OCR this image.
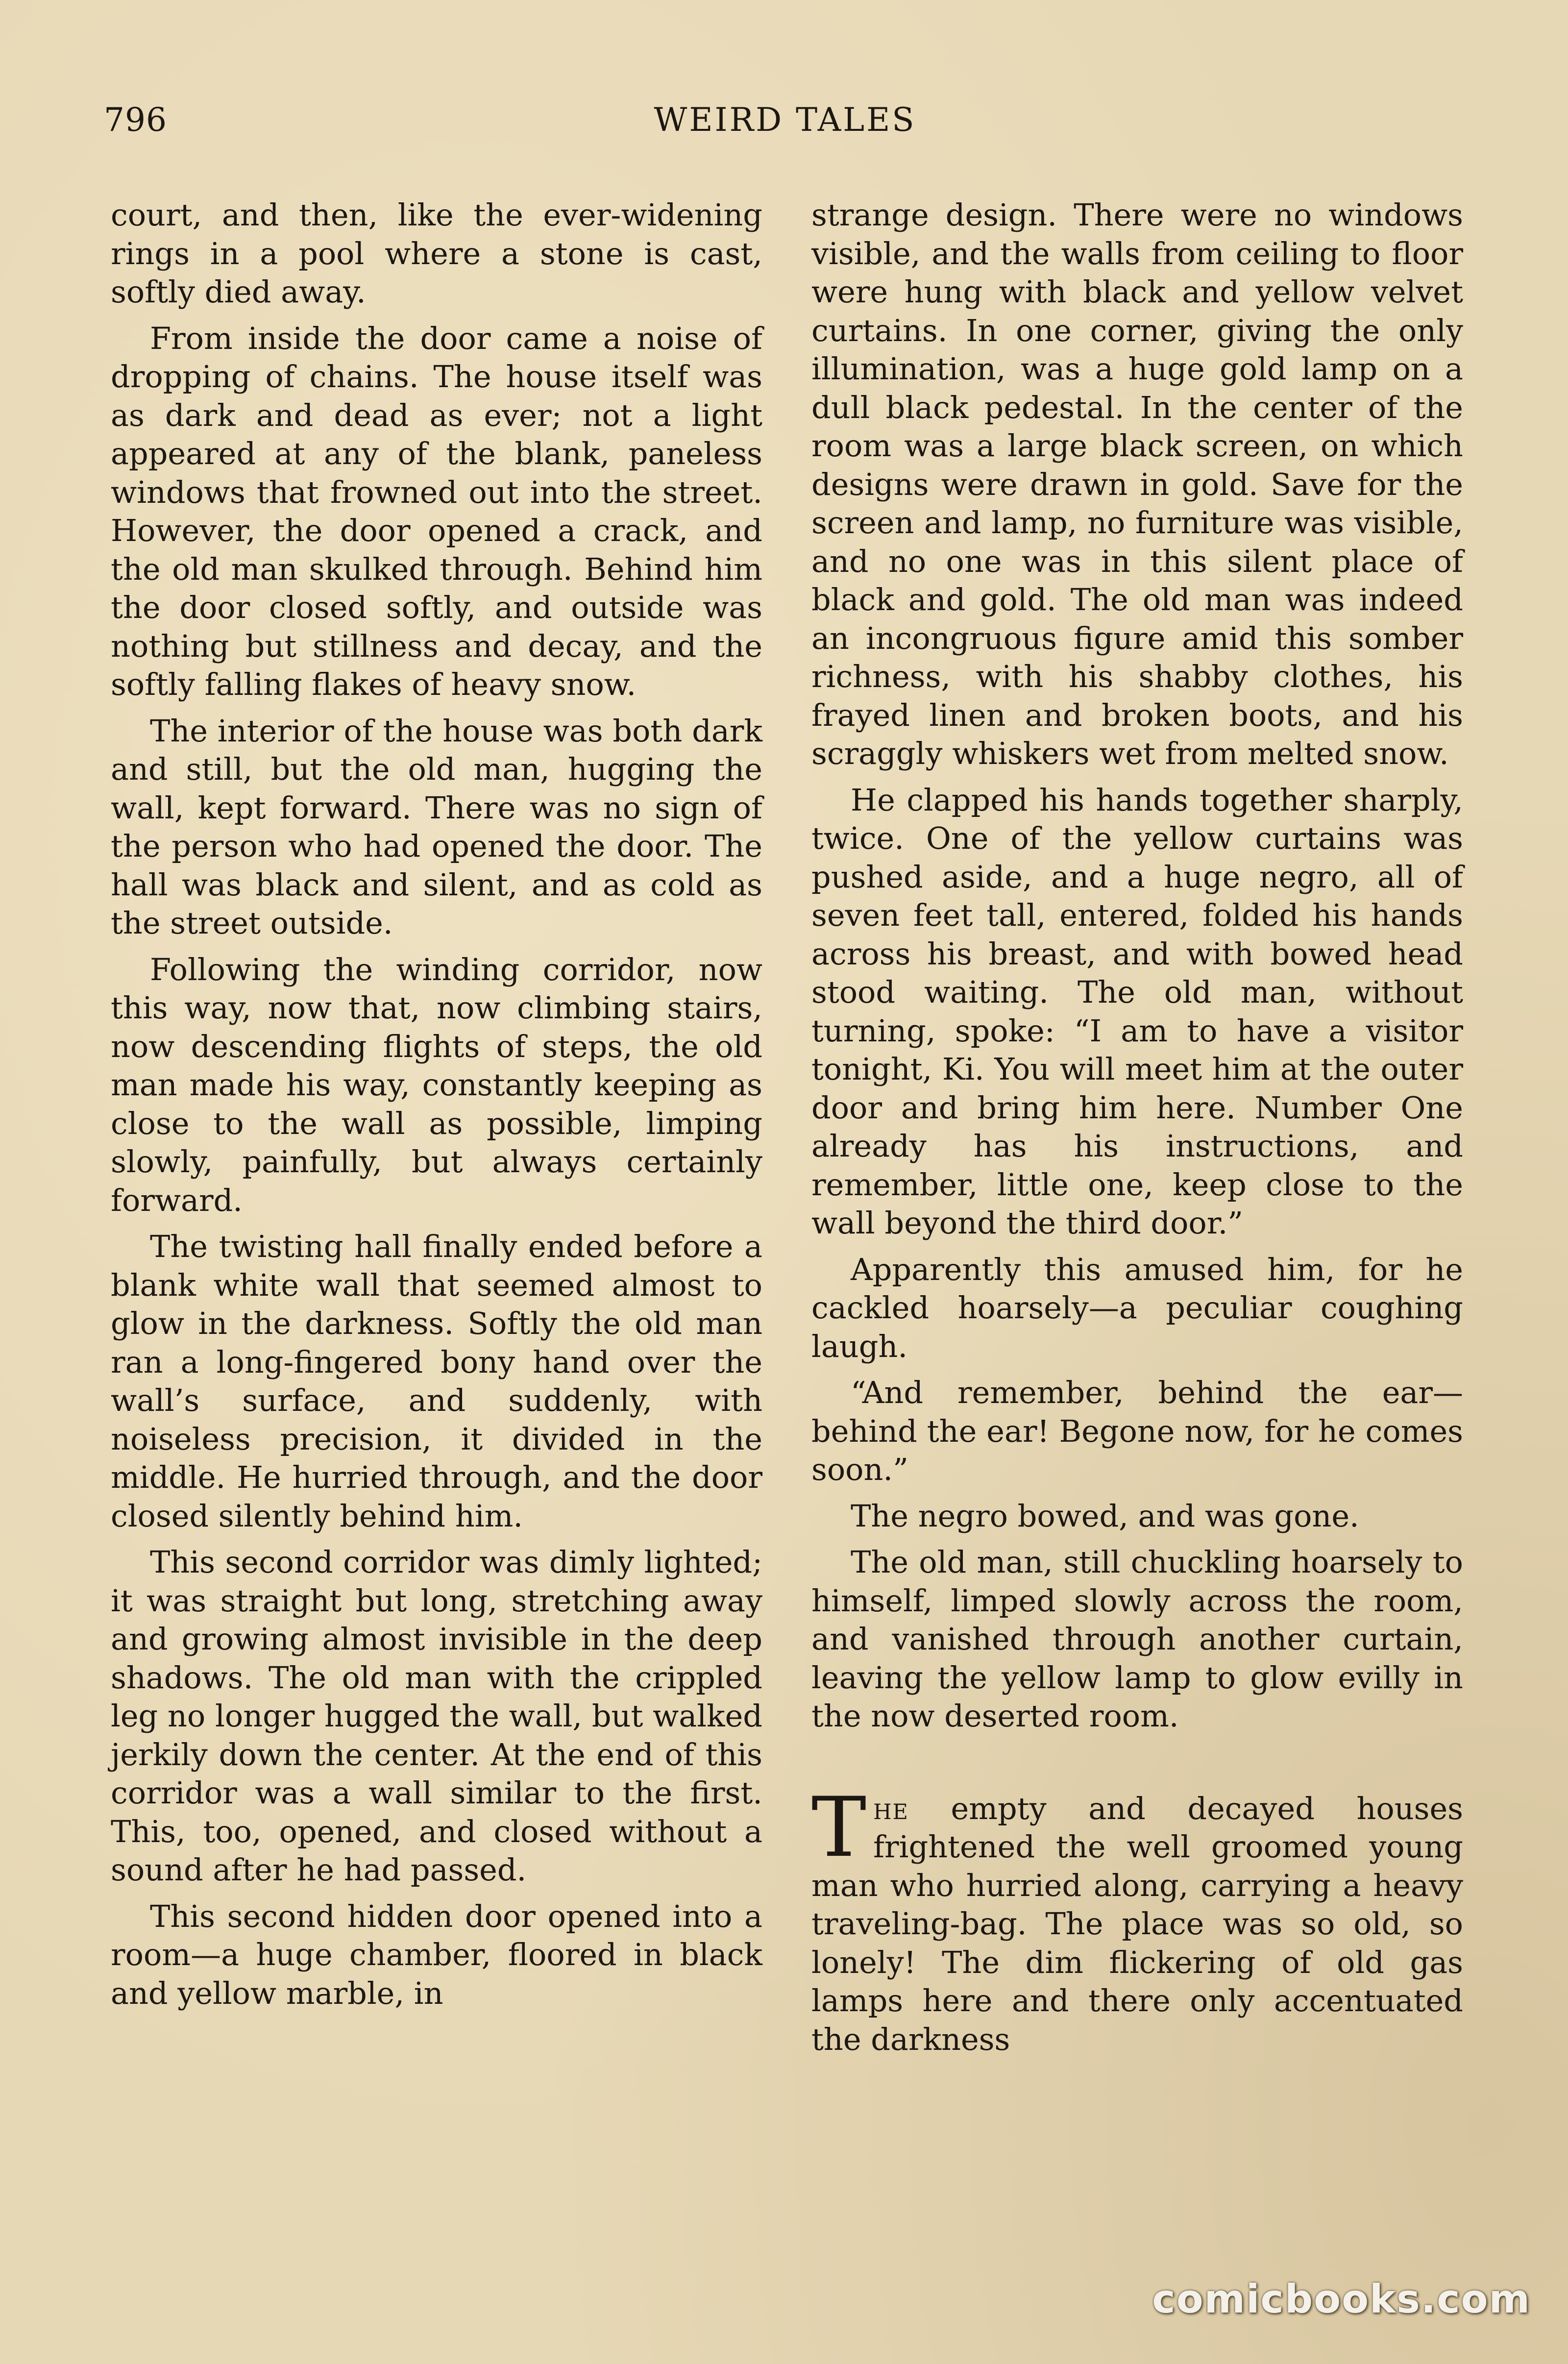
796	WEIRD TALES

court, and then, like the ever-widening rings in a pool where a stone is cast, softly died away.

From inside the door came a noise of dropping of chains. The house itself was as dark and dead as ever; not a light appeared at any of the blank, paneless windows that frowned out into the street. However, the door opened a crack, and the old man skulked through. Behind him the door closed softly, and outside was nothing but stillness and decay, and the softly falling flakes of heavy snow.

The interior of the house was both dark and still, but the old man, hugging the wall, kept forward. There was no sign of the person who had opened the door. The hall was black and silent, and as cold as the street outside.

Following the winding corridor, now this way, now that, now climbing stairs, now descending flights of steps, the old man made his way, constantly keeping as close to the wall as possible, limping slowly, painfully, but always certainly forward.

The twisting hall finally ended before a blank white wall that seemed almost to glow in the darkness. Softly the old man ran a long-fingered bony hand over the wall’s surface, and suddenly, with noiseless precision, it divided in the middle. He hurried through, and the door closed silently behind him.

This second corridor was dimly lighted; it was straight but long, stretching away and growing almost invisible in the deep shadows. The old man with the crippled leg no longer hugged the wall, but walked jerkily down the center. At the end of this corridor was a wall similar to the first. This, too, opened, and closed without a sound after he had passed.

This second hidden door opened into a room—a huge chamber, floored in black and yellow marble, in

strange design. There were no windows visible, and the walls from ceiling to floor were hung with black and yellow velvet curtains. In one corner, giving the only illumination, was a huge gold lamp on a dull black pedestal. In the center of the room was a large black screen, on which designs were drawn in gold. Save for the screen and lamp, no furniture was visible, and no one was in this silent place of black and gold. The old man was indeed an incongruous figure amid this somber richness, with his shabby clothes, his frayed linen and broken boots, and his scraggly whiskers wet from melted snow.

He clapped his hands together sharply, twice. One of the yellow curtains was pushed aside, and a huge negro, all of seven feet tall, entered, folded his hands across his breast, and with bowed head stood waiting. The old man, without turning, spoke: “I am to have a visitor tonight, Ki. You will meet him at the outer door and bring him here. Number One already has his instructions, and remember, little one, keep close to the wall beyond the third door.”

Apparently this amused him, for he cackled hoarsely—a peculiar coughing laugh.

“And remember, behind the ear—behind the ear! Begone now, for he comes soon.”

The negro bowed, and was gone.

The old man, still chuckling hoarsely to himself, limped slowly across the room, and vanished through another curtain, leaving the yellow lamp to glow evilly in the now deserted room.

The empty and decayed houses frightened the well groomed young man who hurried along, carrying a heavy traveling-bag. The place was so old, so lonely! The dim flickering of old gas lamps here and there only accentuated the darkness

comicbooks.com
